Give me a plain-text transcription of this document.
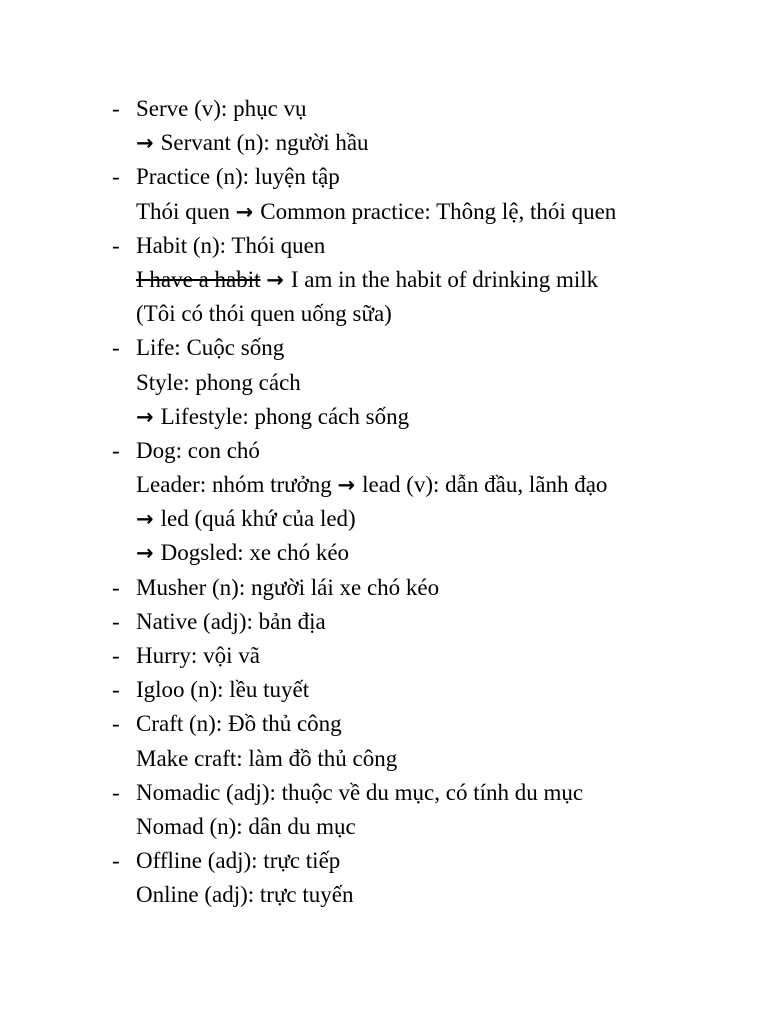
- Serve (v): phục vụ
→ Servant (n): người hầu
- Practice (n): luyện tập
Thói quen → Common practice: Thông lệ, thói quen
- Habit (n): Thói quen
I have a habit → I am in the habit of drinking milk
(Tôi có thói quen uống sữa)
- Life: Cuộc sống
Style: phong cách
→ Lifestyle: phong cách sống
- Dog: con chó
Leader: nhóm trưởng → lead (v): dẫn đầu, lãnh đạo
→ led (quá khứ của led)
→ Dogsled: xe chó kéo
- Musher (n): người lái xe chó kéo
- Native (adj): bản địa
- Hurry: vội vã
- Igloo (n): lều tuyết
- Craft (n): Đồ thủ công
Make craft: làm đồ thủ công
- Nomadic (adj): thuộc về du mục, có tính du mục
Nomad (n): dân du mục
- Offline (adj): trực tiếp
Online (adj): trực tuyến
